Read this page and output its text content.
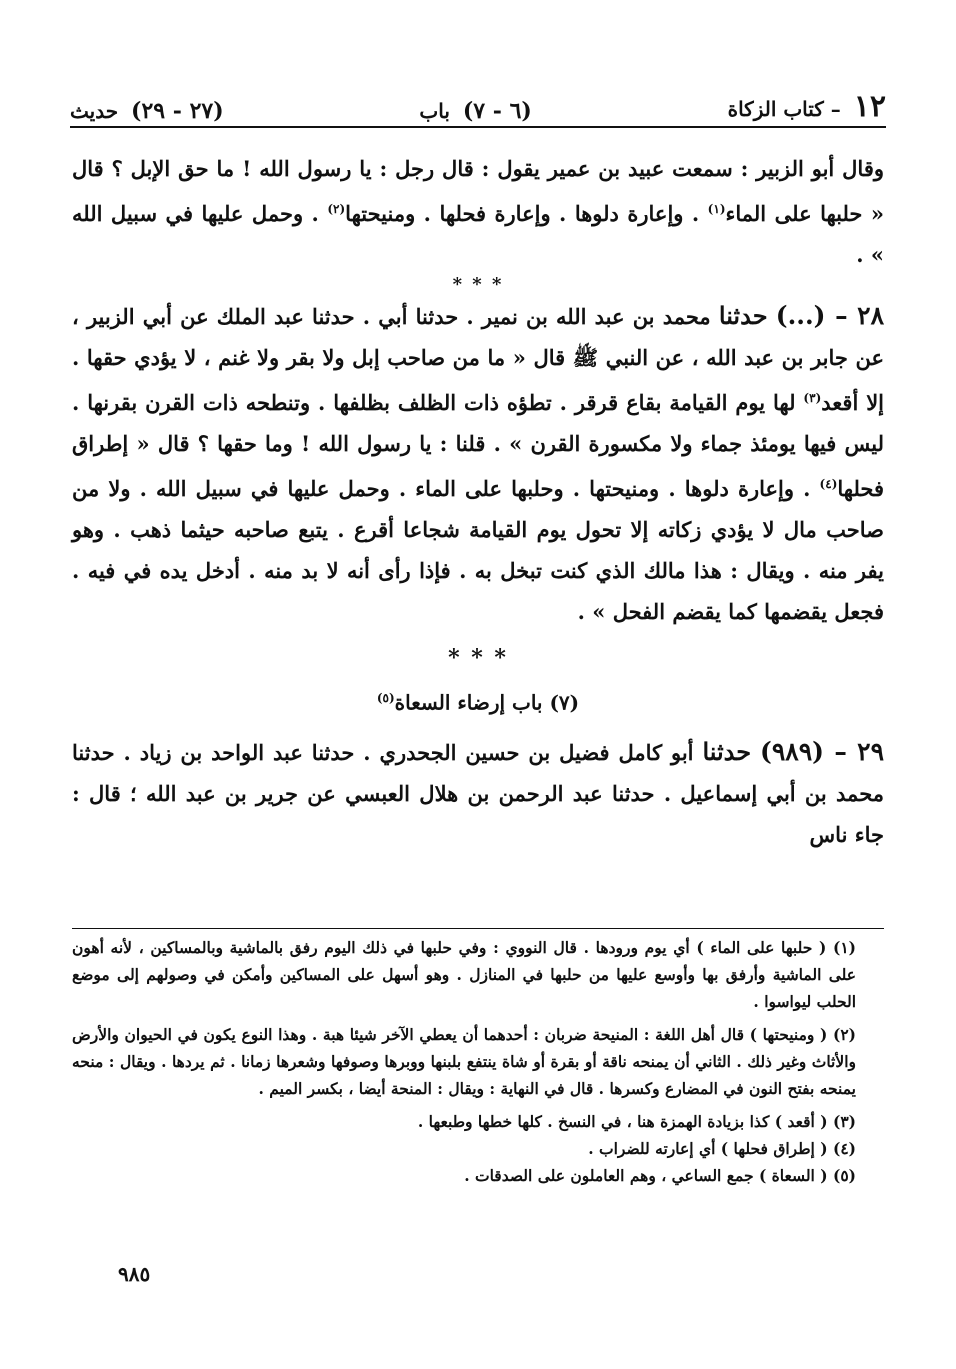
١٢ – كتاب الزكاة
(٦ - ٧) باب
(٢٧ - ٢٩) حديث

وقال أبو الزبير : سمعت عبيد بن عمير يقول : قال رجل : يا رسول الله ! ما حق الإبل ؟ قال « حلبها على الماء$^{(١)}$ . وإعارة دلوها . وإعارة فحلها . ومنيحتها$^{(٢)}$ . وحمل عليها في سبيل الله » .

* * *

٢٨ – (...) حدثنا محمد بن عبد الله بن نمير . حدثنا أبي . حدثنا عبد الملك عن أبي الزبير ، عن جابر بن عبد الله ، عن النبي ﷺ قال « ما من صاحب إبل ولا بقر ولا غنم ، لا يؤدي حقها . إلا أقعد$^{(٣)}$ لها يوم القيامة بقاع قرقر . تطؤه ذات الظلف بظلفها . وتنطحه ذات القرن بقرنها . ليس فيها يومئذ جماء ولا مكسورة القرن » . قلنا : يا رسول الله ! وما حقها ؟ قال « إطراق فحلها$^{(٤)}$ . وإعارة دلوها . ومنيحتها . وحلبها على الماء . وحمل عليها في سبيل الله . ولا من صاحب مال لا يؤدي زكاته إلا تحول يوم القيامة شجاعا أقرع . يتبع صاحبه حيثما ذهب . وهو يفر منه . ويقال : هذا مالك الذي كنت تبخل به . فإذا رأى أنه لا بد منه . أدخل يده في فيه . فجعل يقضمها كما يقضم الفحل » .

* * *

(٧) باب إرضاء السعاة$^{(٥)}$

٢٩ – (٩٨٩) حدثنا أبو كامل فضيل بن حسين الجحدري . حدثنا عبد الواحد بن زياد . حدثنا محمد بن أبي إسماعيل . حدثنا عبد الرحمن بن هلال العبسي عن جرير بن عبد الله ؛ قال : جاء ناس

(١) ( حلبها على الماء ) أي يوم ورودها . قال النووي : وفي حلبها في ذلك اليوم رفق بالماشية وبالمساكين ، لأنه أهون على الماشية وأرفق بها وأوسع عليها من حلبها في المنازل . وهو أسهل على المساكين وأمكن في وصولهم إلى موضع الحلب ليواسوا .

(٢) ( ومنيحتها ) قال أهل اللغة : المنيحة ضربان : أحدهما أن يعطي الآخر شيئا هبة . وهذا النوع يكون في الحيوان والأرض والأثاث وغير ذلك . الثاني أن يمنحه ناقة أو بقرة أو شاة ينتفع بلبنها ووبرها وصوفها وشعرها زمانا . ثم يردها . ويقال : منحه يمنحه بفتح النون في المضارع وكسرها . قال في النهاية : ويقال : المنحة أيضا ، بكسر الميم .

(٣) ( أقعد ) كذا بزيادة الهمزة هنا ، في النسخ . كلها خطها وطبعها .

(٤) ( إطراق فحلها ) أي إعارته للضراب .

(٥) ( السعاة ) جمع الساعي ، وهم العاملون على الصدقات .

٩٨٥
